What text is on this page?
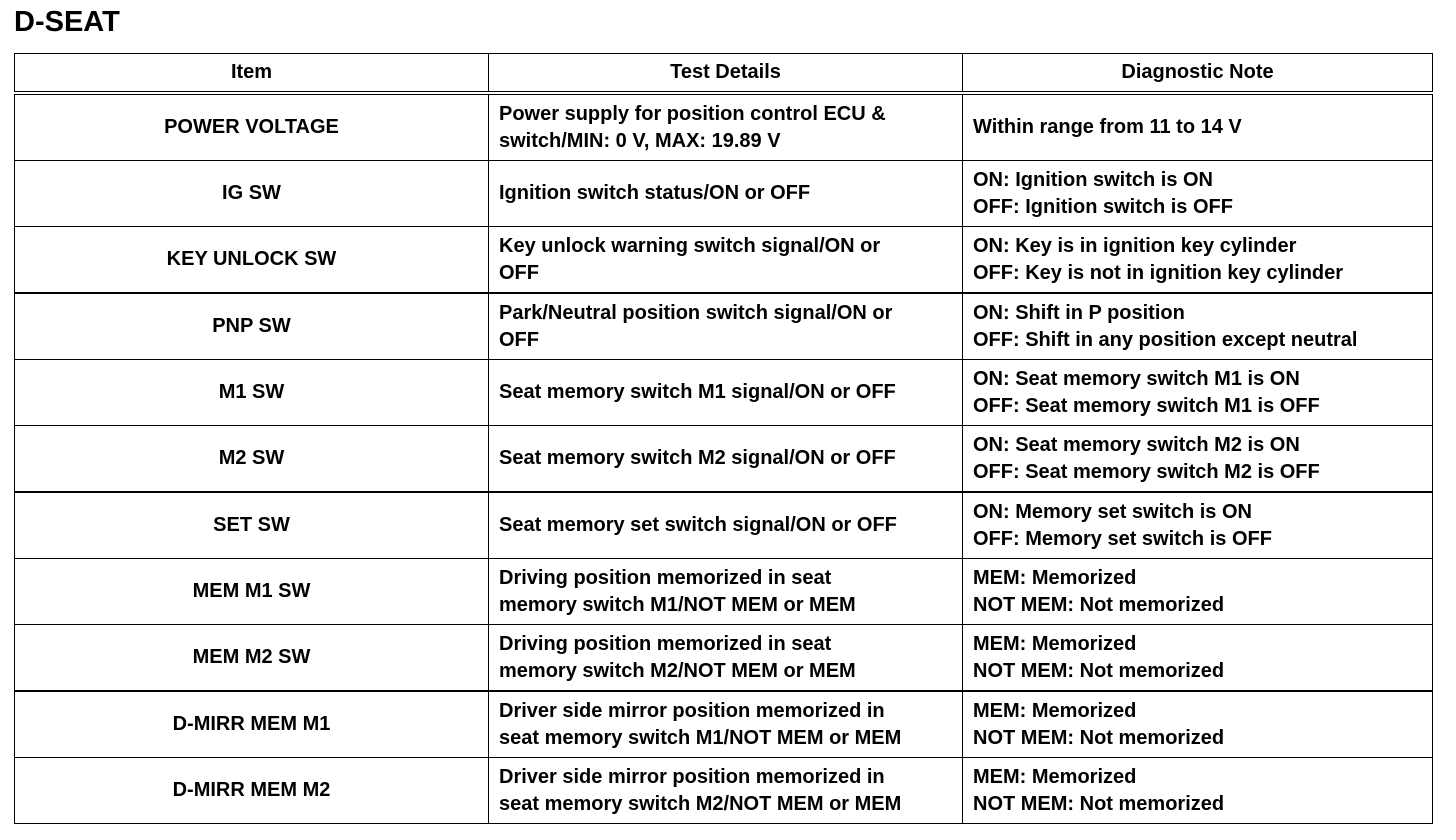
D-SEAT
Item	Test Details	Diagnostic Note
POWER VOLTAGE	Power supply for position control ECU &
switch/MIN: 0 V, MAX: 19.89 V	Within range from 11 to 14 V

IG SW	Ignition switch status/ON or OFF	ON: Ignition switch is ON
OFF: Ignition switch is OFF

KEY UNLOCK SW	Key unlock warning switch signal/ON or
OFF	ON: Key is in ignition key cylinder
OFF: Key is not in ignition key cylinder

PNP SW	Park/Neutral position switch signal/ON or
OFF	ON: Shift in P position
OFF: Shift in any position except neutral

M1 SW	Seat memory switch M1 signal/ON or OFF	ON: Seat memory switch M1 is ON
OFF: Seat memory switch M1 is OFF

M2 SW	Seat memory switch M2 signal/ON or OFF	ON: Seat memory switch M2 is ON
OFF: Seat memory switch M2 is OFF

SET SW	Seat memory set switch signal/ON or OFF	ON: Memory set switch is ON
OFF: Memory set switch is OFF

MEM M1 SW	Driving position memorized in seat
memory switch M1/NOT MEM or MEM	MEM: Memorized
NOT MEM: Not memorized

MEM M2 SW	Driving position memorized in seat
memory switch M2/NOT MEM or MEM	MEM: Memorized
NOT MEM: Not memorized

D-MIRR MEM M1	Driver side mirror position memorized in
seat memory switch M1/NOT MEM or MEM	MEM: Memorized
NOT MEM: Not memorized

D-MIRR MEM M2	Driver side mirror position memorized in
seat memory switch M2/NOT MEM or MEM	MEM: Memorized
NOT MEM: Not memorized
